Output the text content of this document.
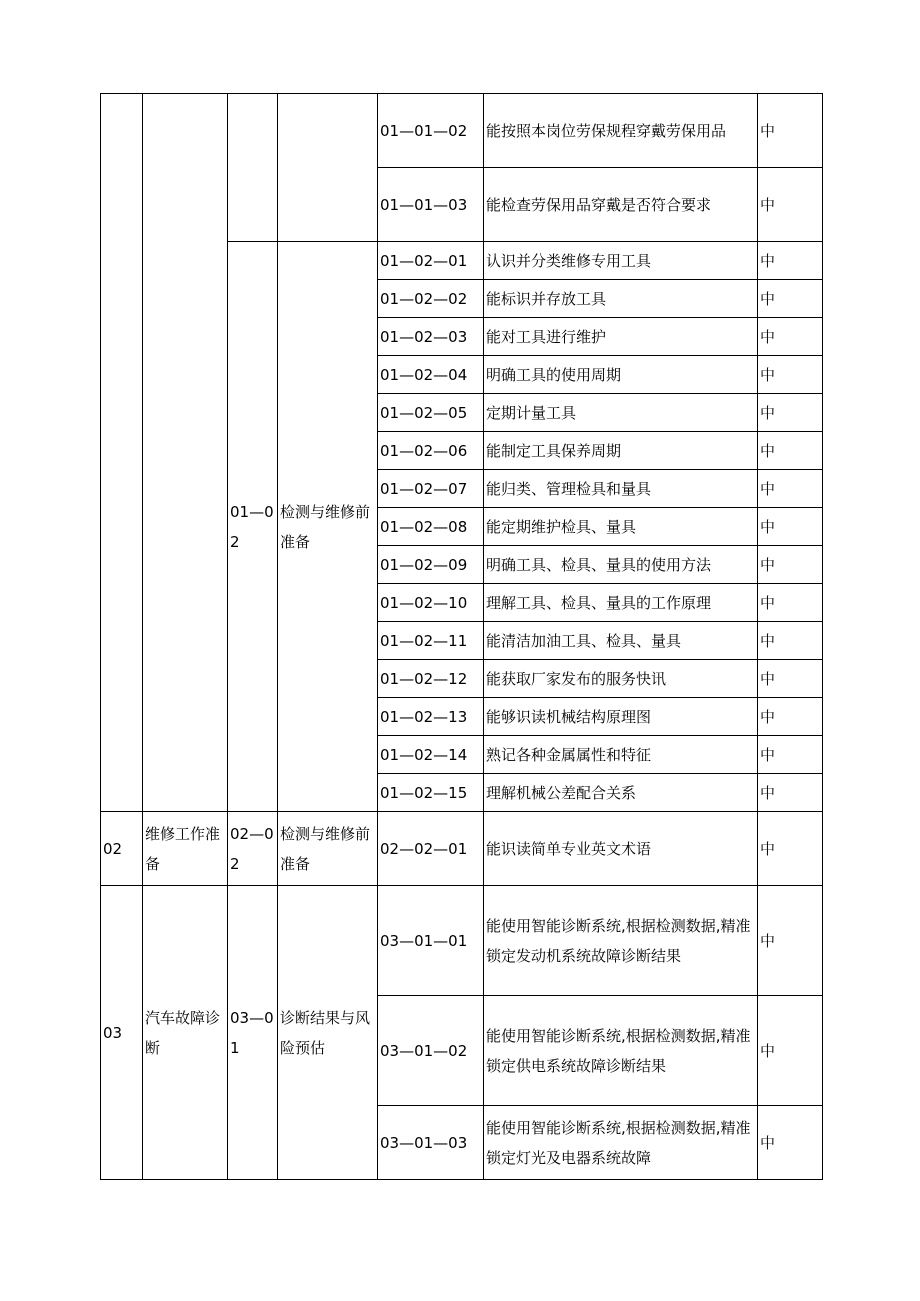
				01—01—02	能按照本岗位劳保规程穿戴劳保用品	中
				01—01—03	能检查劳保用品穿戴是否符合要求	中
		01—02	检测与维修前准备	01—02—01	认识并分类维修专用工具	中
				01—02—02	能标识并存放工具	中
				01—02—03	能对工具进行维护	中
				01—02—04	明确工具的使用周期	中
				01—02—05	定期计量工具	中
				01—02—06	能制定工具保养周期	中
				01—02—07	能归类、管理检具和量具	中
				01—02—08	能定期维护检具、量具	中
				01—02—09	明确工具、检具、量具的使用方法	中
				01—02—10	理解工具、检具、量具的工作原理	中
				01—02—11	能清洁加油工具、检具、量具	中
				01—02—12	能获取厂家发布的服务快讯	中
				01—02—13	能够识读机械结构原理图	中
				01—02—14	熟记各种金属属性和特征	中
				01—02—15	理解机械公差配合关系	中
02	维修工作准备	02—02	检测与维修前准备	02—02—01	能识读简单专业英文术语	中
03	汽车故障诊断	03—01	诊断结果与风险预估	03—01—01	能使用智能诊断系统,根据检测数据,精准锁定发动机系统故障诊断结果	中
				03—01—02	能使用智能诊断系统,根据检测数据,精准锁定供电系统故障诊断结果	中
				03—01—03	能使用智能诊断系统,根据检测数据,精准锁定灯光及电器系统故障	中
